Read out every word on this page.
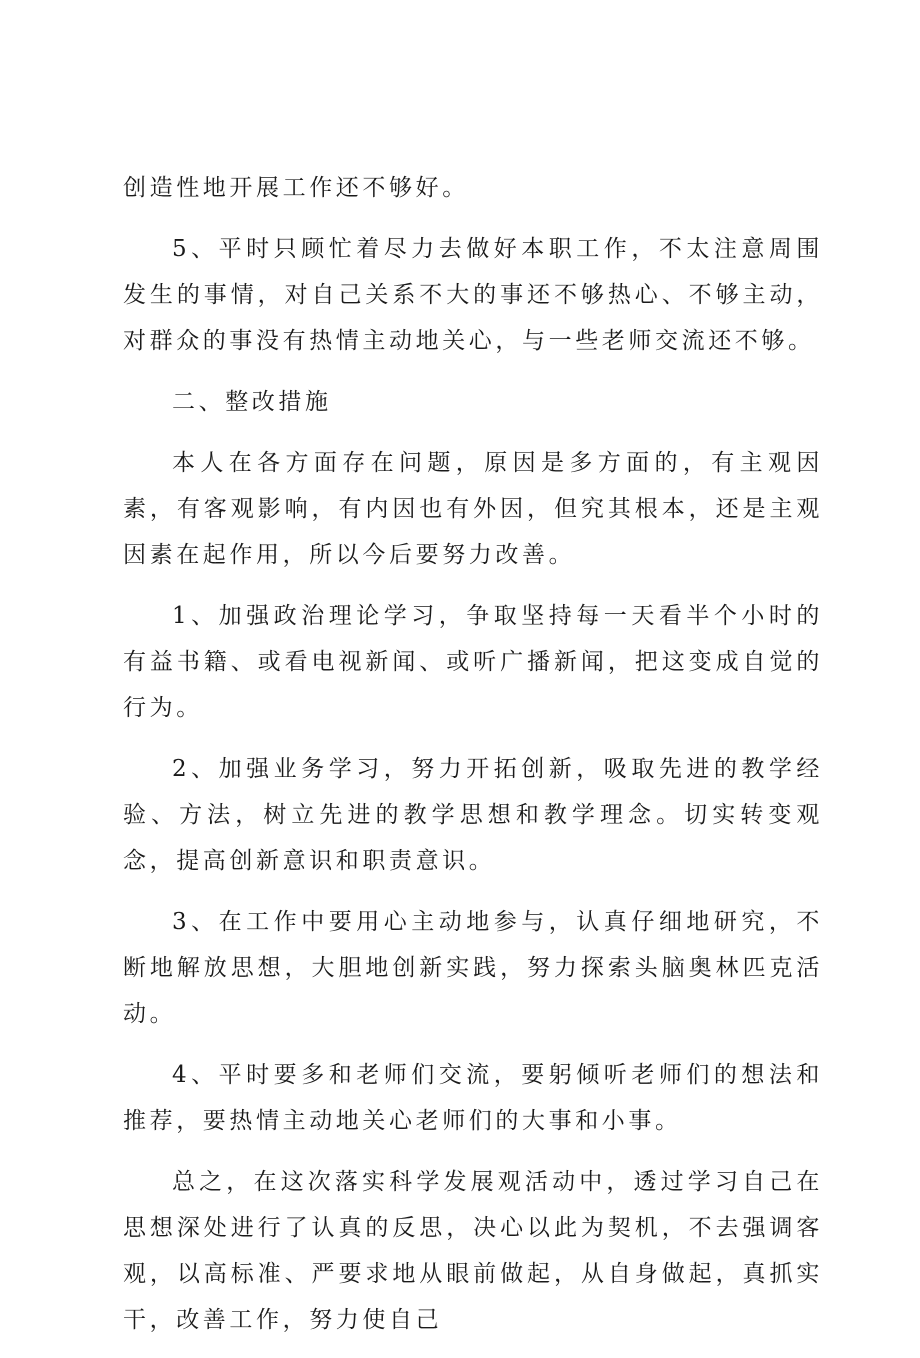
创造性地开展工作还不够好。

5、平时只顾忙着尽力去做好本职工作，不太注意周围发生的事情，对自己关系不大的事还不够热心、不够主动，对群众的事没有热情主动地关心，与一些老师交流还不够。

二、整改措施

本人在各方面存在问题，原因是多方面的，有主观因素，有客观影响，有内因也有外因，但究其根本，还是主观因素在起作用，所以今后要努力改善。

1、加强政治理论学习，争取坚持每一天看半个小时的有益书籍、或看电视新闻、或听广播新闻，把这变成自觉的行为。

2、加强业务学习，努力开拓创新，吸取先进的教学经验、方法，树立先进的教学思想和教学理念。切实转变观念，提高创新意识和职责意识。

3、在工作中要用心主动地参与，认真仔细地研究，不断地解放思想，大胆地创新实践，努力探索头脑奥林匹克活动。

4、平时要多和老师们交流，要躬倾听老师们的想法和推荐，要热情主动地关心老师们的大事和小事。

总之，在这次落实科学发展观活动中，透过学习自己在思想深处进行了认真的反思，决心以此为契机，不去强调客观，以高标准、严要求地从眼前做起，从自身做起，真抓实干，改善工作，努力使自己
